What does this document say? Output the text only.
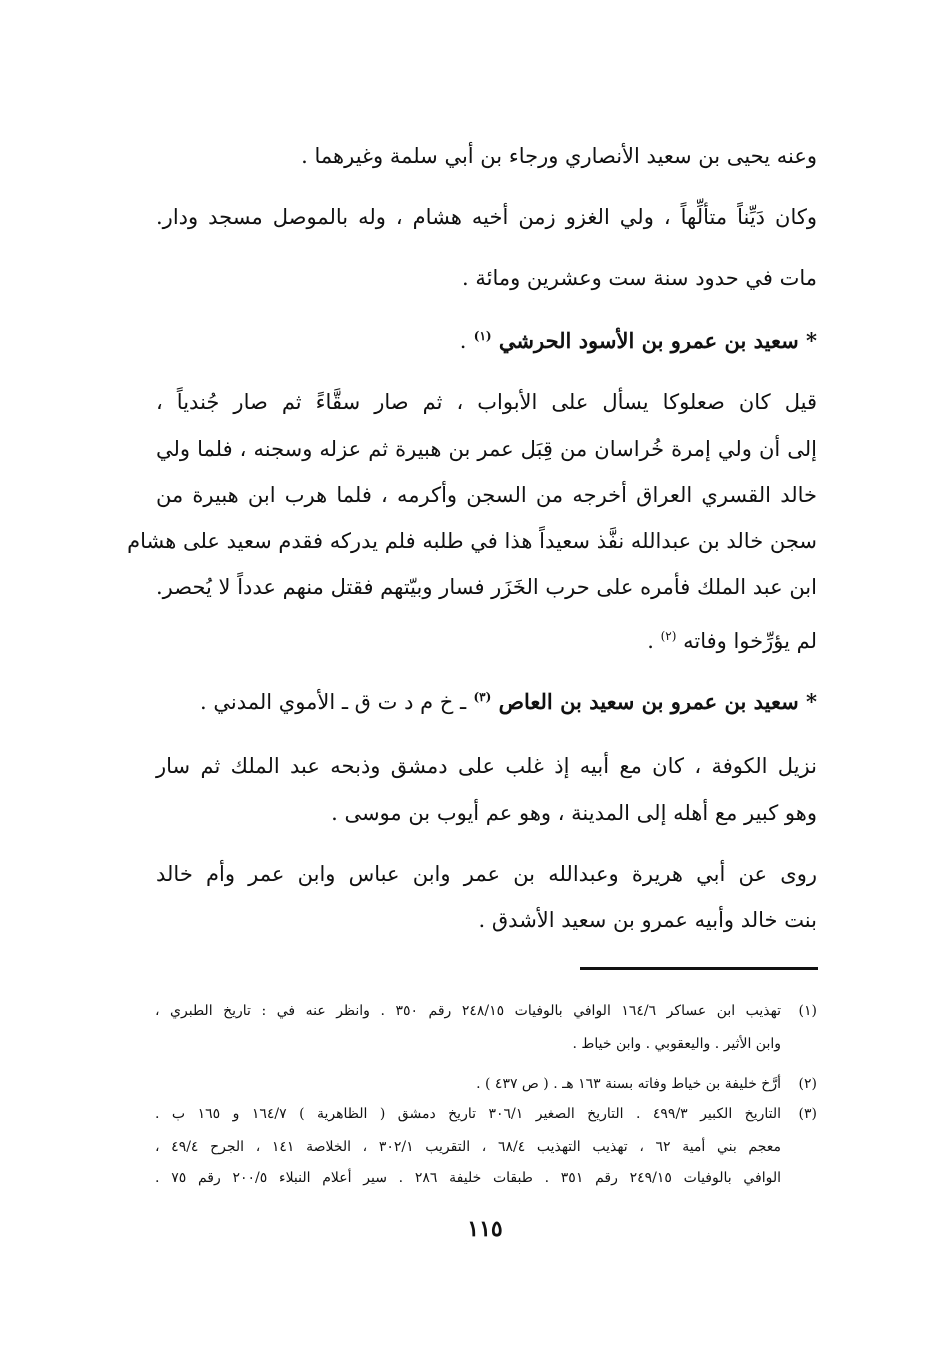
وعنه يحيى بن سعيد الأنصاري ورجاء بن أبي سلمة وغيرهما .
وكان دَيِّناً متألِّهاً ، ولي الغزو زمن أخيه هشام ، وله بالموصل مسجد ودار.
مات في حدود سنة ست وعشرين ومائة .
* سعيد بن عمرو بن الأسود الحرشي $^{(١)}$ .
قيل كان صعلوكا يسأل على الأبواب ، ثم صار سقَّاءً ثم صار جُندياً ،
إلى أن ولي إمرة خُراسان من قِبَل عمر بن هبيرة ثم عزله وسجنه ، فلما ولي
خالد القسري العراق أخرجه من السجن وأكرمه ، فلما هرب ابن هبيرة من
سجن خالد بن عبدالله نفَّذ سعيداً هذا في طلبه فلم يدركه فقدم سعيد على هشام
ابن عبد الملك فأمره على حرب الخَزَر فسار وبيّتهم فقتل منهم عدداً لا يُحصر.
لم يؤرِّخوا وفاته $^{(٢)}$ .
* سعيد بن عمرو بن سعيد بن العاص $^{(٣)}$ ـ خ م د ت ق ـ الأموي المدني .
نزيل الكوفة ، كان مع أبيه إذ غلب على دمشق وذبحه عبد الملك ثم سار
وهو كبير مع أهله إلى المدينة ، وهو عم أيوب بن موسى .
روى عن أبي هريرة وعبدالله بن عمر وابن عباس وابن عمر وأم خالد
بنت خالد وأبيه عمرو بن سعيد الأشدق .
(١)
تهذيب ابن عساكر ١٦٤/٦ الوافي بالوفيات ٢٤٨/١٥ رقم ٣٥٠ . وانظر عنه في : تاريخ الطبري ،
وابن الأثير . واليعقوبي . وابن خياط .
(٢)
أرَّخ خليفة بن خياط وفاته بسنة ١٦٣ هـ . ( ص ٤٣٧ ) .
(٣)
التاريخ الكبير ٤٩٩/٣ . التاريخ الصغير ٣٠٦/١ تاريخ دمشق ( الظاهرية ) ١٦٤/٧ و ١٦٥ ب .
معجم بني أمية ٦٢ ، تهذيب التهذيب ٦٨/٤ ، التقريب ٣٠٢/١ ، الخلاصة ١٤١ ، الجرح ٤٩/٤ ،
الوافي بالوفيات ٢٤٩/١٥ رقم ٣٥١ . طبقات خليفة ٢٨٦ . سير أعلام النبلاء ٢٠٠/٥ رقم ٧٥ .
١١٥
